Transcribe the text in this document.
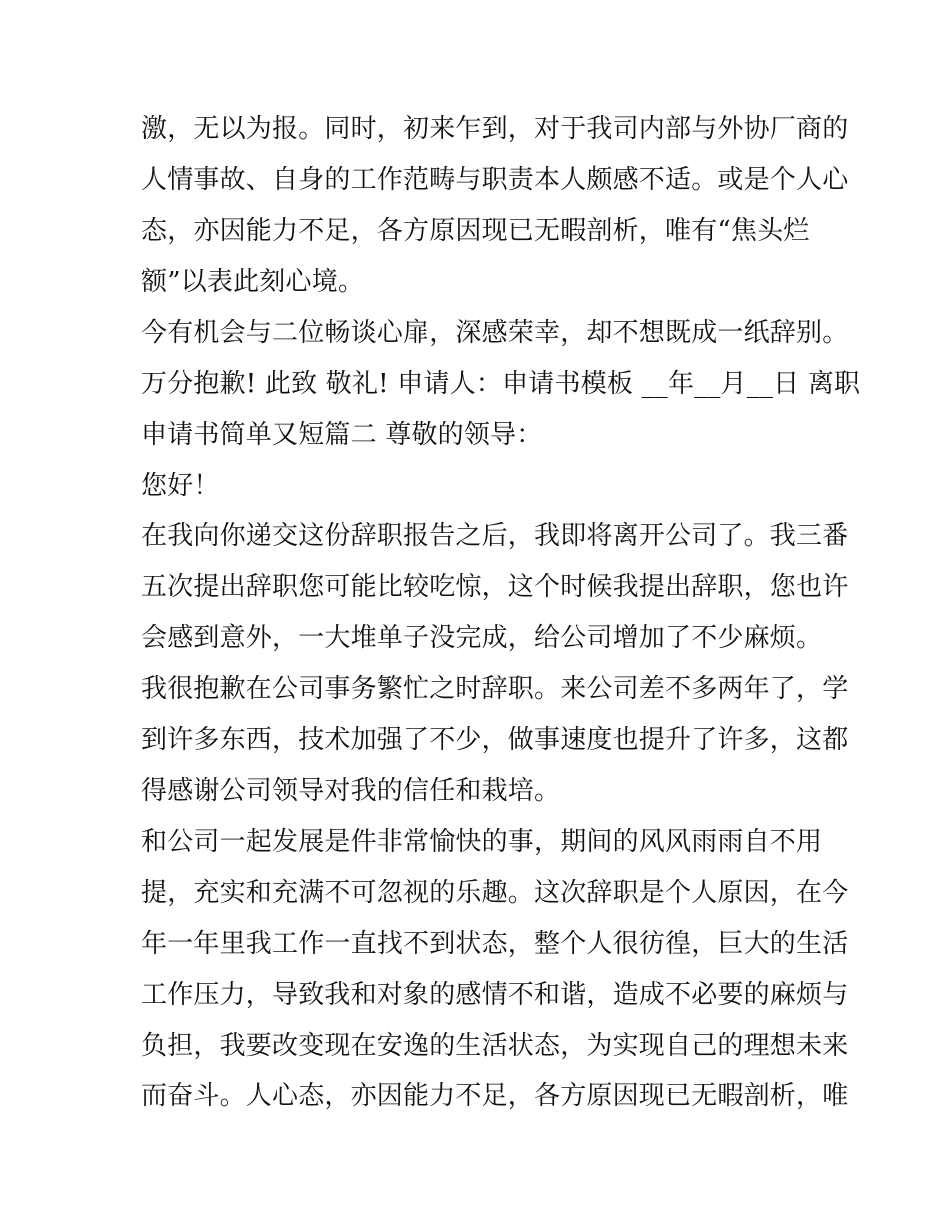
激，无以为报。同时，初来乍到，对于我司内部与外协厂商的

人情事故、自身的工作范畴与职责本人颇感不适。或是个人心

态，亦因能力不足，各方原因现已无暇剖析，唯有“焦头烂

额”以表此刻心境。

今有机会与二位畅谈心扉，深感荣幸，却不想既成一纸辞别。

万分抱歉! 此致 敬礼! 申请人：申请书模板 __年__月__日 离职

申请书简单又短篇二 尊敬的领导：

您好！

在我向你递交这份辞职报告之后，我即将离开公司了。我三番

五次提出辞职您可能比较吃惊，这个时候我提出辞职，您也许

会感到意外，一大堆单子没完成，给公司增加了不少麻烦。

我很抱歉在公司事务繁忙之时辞职。来公司差不多两年了，学

到许多东西，技术加强了不少，做事速度也提升了许多，这都

得感谢公司领导对我的信任和栽培。

和公司一起发展是件非常愉快的事，期间的风风雨雨自不用

提，充实和充满不可忽视的乐趣。这次辞职是个人原因，在今

年一年里我工作一直找不到状态，整个人很彷徨，巨大的生活

工作压力，导致我和对象的感情不和谐，造成不必要的麻烦与

负担，我要改变现在安逸的生活状态，为实现自己的理想未来

而奋斗。人心态，亦因能力不足，各方原因现已无暇剖析，唯
